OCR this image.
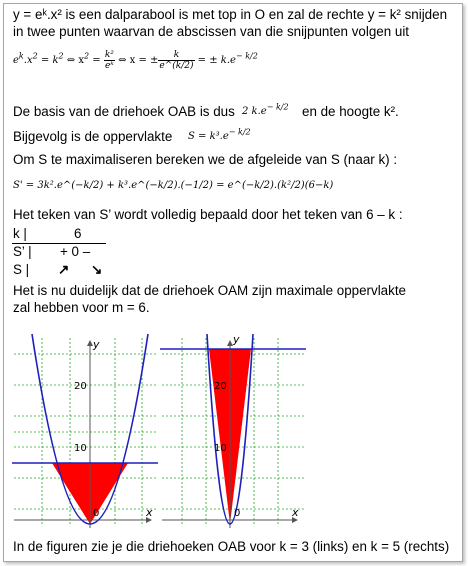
y = eᵏ.x² is een dalparabool is met top in O en zal de rechte y = k² snijden
in twee punten waarvan de abscissen van die snijpunten volgen uit
$e^k.x^2 = k^2$ ⇔ $x^2 = \frac{\text{k²}}{\text{eᵏ}}$ ⇔ x = ± $\frac{k}{e\^{}(k/2)}$ = ± $k.e^{- k/2}$
De basis van de driehoek OAB is dus 2 $k.e^{- k/2}$ en de hoogte k².
Bijgevolg is de oppervlakte $S = k^3.e^{- k/2}$
Om S te maximaliseren bereken we de afgeleide van S (naar k) :
S' = 3k².e^(−k/2) + k³.e^(−k/2).(−1/2) = e^(−k/2).(k²/2)(6−k)
Het teken van S’ wordt volledig bepaald door het teken van 6 – k :
k |	6
S’ | + 0 –
S | ↗ ↘
Het is nu duidelijk dat de driehoek OAM zijn maximale oppervlakte
zal hebben voor m = 6.
y
x
0
20
10
y
x
0
20
10
In de figuren zie je die driehoeken OAB voor k = 3 (links) en k = 5 (rechts)
